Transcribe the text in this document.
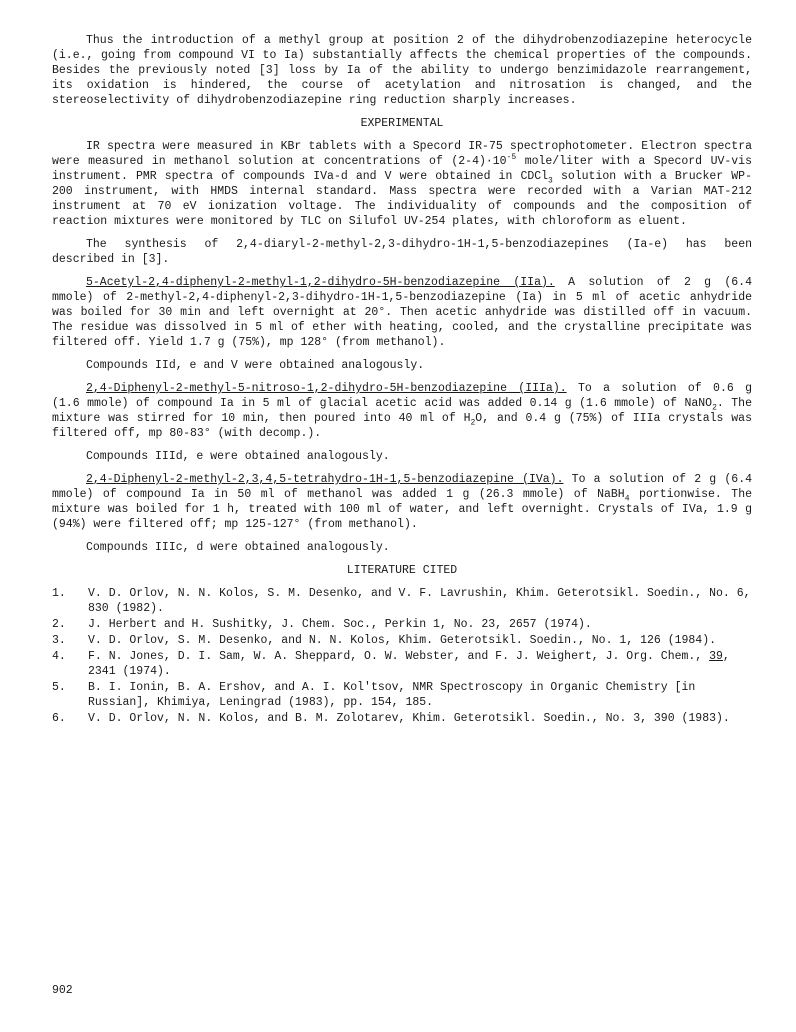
Thus the introduction of a methyl group at position 2 of the dihydrobenzodiazepine heterocycle (i.e., going from compound VI to Ia) substantially affects the chemical properties of the compounds. Besides the previously noted [3] loss by Ia of the ability to undergo benzimidazole rearrangement, its oxidation is hindered, the course of acetylation and nitrosation is changed, and the stereoselectivity of dihydrobenzodiazepine ring reduction sharply increases.

EXPERIMENTAL

IR spectra were measured in KBr tablets with a Specord IR-75 spectrophotometer. Electron spectra were measured in methanol solution at concentrations of $(2-4)\cdot 10^{-5}$ mole/liter with a Specord UV-vis instrument. PMR spectra of compounds IVa-d and V were obtained in CDCl$_3$ solution with a Brucker WP-200 instrument, with HMDS internal standard. Mass spectra were recorded with a Varian MAT-212 instrument at 70 eV ionization voltage. The individuality of compounds and the composition of reaction mixtures were monitored by TLC on Silufol UV-254 plates, with chloroform as eluent.

The synthesis of 2,4-diaryl-2-methyl-2,3-dihydro-1H-1,5-benzodiazepines (Ia-e) has been described in [3].

5-Acetyl-2,4-diphenyl-2-methyl-1,2-dihydro-5H-benzodiazepine (IIa). A solution of 2 g (6.4 mmole) of 2-methyl-2,4-diphenyl-2,3-dihydro-1H-1,5-benzodiazepine (Ia) in 5 ml of acetic anhydride was boiled for 30 min and left overnight at 20°. Then acetic anhydride was distilled off in vacuum. The residue was dissolved in 5 ml of ether with heating, cooled, and the crystalline precipitate was filtered off. Yield 1.7 g (75%), mp 128° (from methanol).

Compounds IId, e and V were obtained analogously.

2,4-Diphenyl-2-methyl-5-nitroso-1,2-dihydro-5H-benzodiazepine (IIIa). To a solution of 0.6 g (1.6 mmole) of compound Ia in 5 ml of glacial acetic acid was added 0.14 g (1.6 mmole) of NaNO$_2$. The mixture was stirred for 10 min, then poured into 40 ml of $H_2O$, and 0.4 g (75%) of IIIa crystals was filtered off, mp 80-83° (with decomp.).

Compounds IIId, e were obtained analogously.

2,4-Diphenyl-2-methyl-2,3,4,5-tetrahydro-1H-1,5-benzodiazepine (IVa). To a solution of 2 g (6.4 mmole) of compound Ia in 50 ml of methanol was added 1 g (26.3 mmole) of NaBH$_4$ portionwise. The mixture was boiled for 1 h, treated with 100 ml of water, and left overnight. Crystals of IVa, 1.9 g (94%) were filtered off; mp 125-127° (from methanol).

Compounds IIIc, d were obtained analogously.

LITERATURE CITED
1.	V. D. Orlov, N. N. Kolos, S. M. Desenko, and V. F. Lavrushin, Khim. Geterotsikl. Soedin., No. 6, 830 (1982).
2.	J. Herbert and H. Sushitky, J. Chem. Soc., Perkin 1, No. 23, 2657 (1974).
3.	V. D. Orlov, S. M. Desenko, and N. N. Kolos, Khim. Geterotsikl. Soedin., No. 1, 126 (1984).
4.	F. N. Jones, D. I. Sam, W. A. Sheppard, O. W. Webster, and F. J. Weighert, J. Org. Chem., 39, 2341 (1974).
5.	B. I. Ionin, B. A. Ershov, and A. I. Kol'tsov, NMR Spectroscopy in Organic Chemistry [in Russian], Khimiya, Leningrad (1983), pp. 154, 185.
6.	V. D. Orlov, N. N. Kolos, and B. M. Zolotarev, Khim. Geterotsikl. Soedin., No. 3, 390 (1983).
902
